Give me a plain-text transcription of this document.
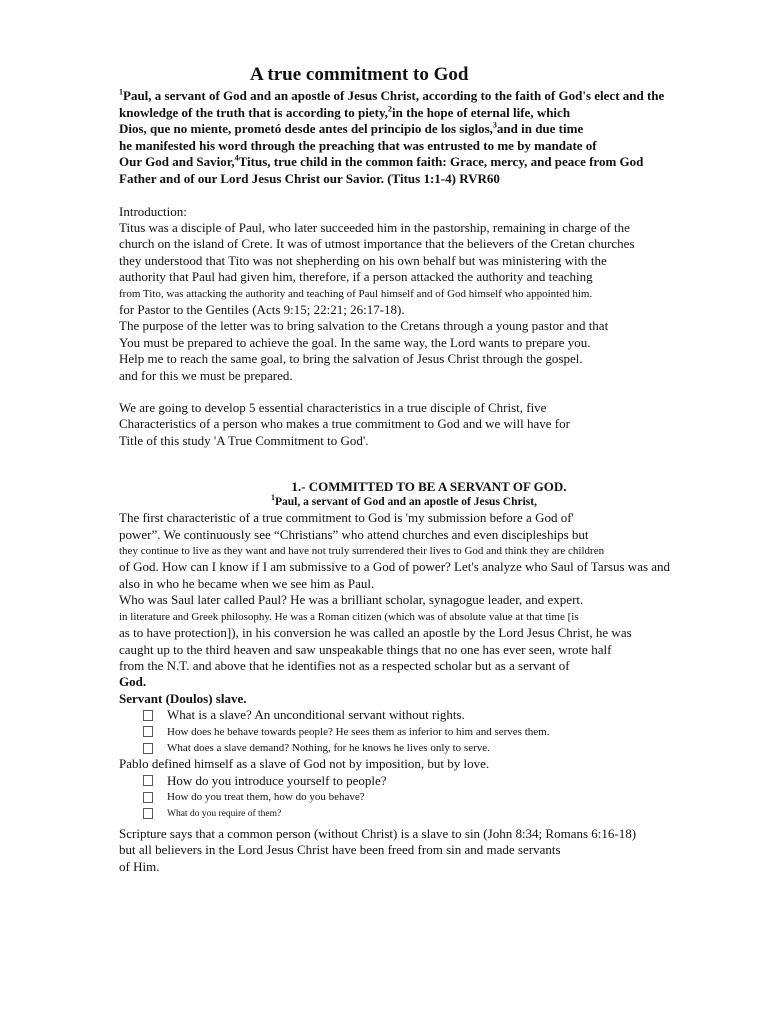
A true commitment to God
$^1$Paul, a servant of God and an apostle of Jesus Christ, according to the faith of God's elect and the
knowledge of the truth that is according to piety,$^2$in the hope of eternal life, which
Dios, que no miente, prometó desde antes del principio de los siglos,$^3$and in due time
he manifested his word through the preaching that was entrusted to me by mandate of
Our God and Savior,$^4$Titus, true child in the common faith: Grace, mercy, and peace from God
Father and of our Lord Jesus Christ our Savior. (Titus 1:1-4) RVR60
Introduction:
Titus was a disciple of Paul, who later succeeded him in the pastorship, remaining in charge of the
church on the island of Crete. It was of utmost importance that the believers of the Cretan churches
they understood that Tito was not shepherding on his own behalf but was ministering with the
authority that Paul had given him, therefore, if a person attacked the authority and teaching
from Tito, was attacking the authority and teaching of Paul himself and of God himself who appointed him.
for Pastor to the Gentiles (Acts 9:15; 22:21; 26:17-18).
The purpose of the letter was to bring salvation to the Cretans through a young pastor and that
You must be prepared to achieve the goal. In the same way, the Lord wants to prepare you.
Help me to reach the same goal, to bring the salvation of Jesus Christ through the gospel.
and for this we must be prepared.
We are going to develop 5 essential characteristics in a true disciple of Christ, five
Characteristics of a person who makes a true commitment to God and we will have for
Title of this study 'A True Commitment to God'.
1.- COMMITTED TO BE A SERVANT OF GOD.
$^1$Paul, a servant of God and an apostle of Jesus Christ,
The first characteristic of a true commitment to God is 'my submission before a God of'
power”. We continuously see “Christians” who attend churches and even discipleships but
they continue to live as they want and have not truly surrendered their lives to God and think they are children
of God. How can I know if I am submissive to a God of power? Let's analyze who Saul of Tarsus was and
also in who he became when we see him as Paul.
Who was Saul later called Paul? He was a brilliant scholar, synagogue leader, and expert.
in literature and Greek philosophy. He was a Roman citizen (which was of absolute value at that time [is
as to have protection]), in his conversion he was called an apostle by the Lord Jesus Christ, he was
caught up to the third heaven and saw unspeakable things that no one has ever seen, wrote half
from the N.T. and above that he identifies not as a respected scholar but as a servant of
God.
Servant (Doulos) slave.
What is a slave? An unconditional servant without rights.
How does he behave towards people? He sees them as inferior to him and serves them.
What does a slave demand? Nothing, for he knows he lives only to serve.
Pablo defined himself as a slave of God not by imposition, but by love.
How do you introduce yourself to people?
How do you treat them, how do you behave?
What do you require of them?
Scripture says that a common person (without Christ) is a slave to sin (John 8:34; Romans 6:16-18)
but all believers in the Lord Jesus Christ have been freed from sin and made servants
of Him.
